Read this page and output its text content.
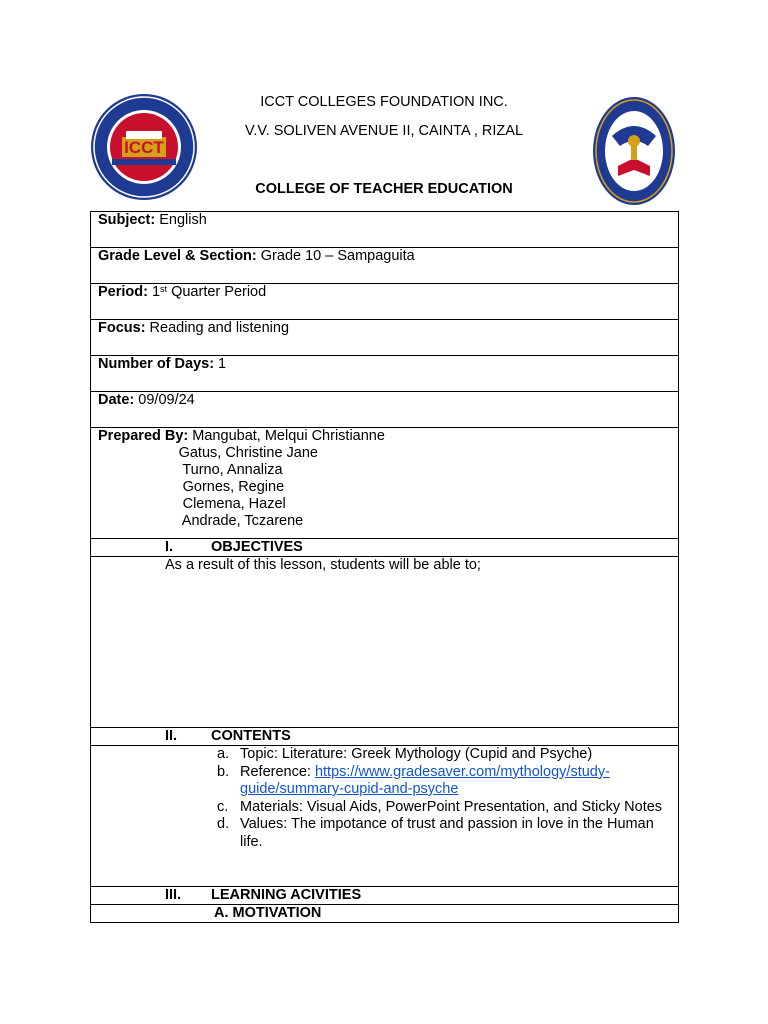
ICCT
ICCT COLLEGES FOUNDATION INC.
V.V. SOLIVEN AVENUE II, CAINTA , RIZAL
COLLEGE OF TEACHER EDUCATION
Subject: English
Grade Level & Section: Grade 10 – Sampaguita
Period: 1st Quarter Period
Focus: Reading and listening
Number of Days: 1
Date: 09/09/24

Prepared By: Mangubat, Melqui Christianne
Gatus, Christine Jane
Turno, Annaliza
Gornes, Regine
Clemena, Hazel
Andrade, Tczarene

I.	OBJECTIVES

As a result of this lesson, students will be able to;

II. CONTENTS

a. Topic: Literature: Greek Mythology (Cupid and Psyche)
b. Reference: https://www.gradesaver.com/mythology/study-guide/summary-cupid-and-psyche
c. Materials: Visual Aids, PowerPoint Presentation, and Sticky Notes
d. Values: The impotance of trust and passion in love in the Human life.

III. LEARNING ACIVITIES
A. MOTIVATION
